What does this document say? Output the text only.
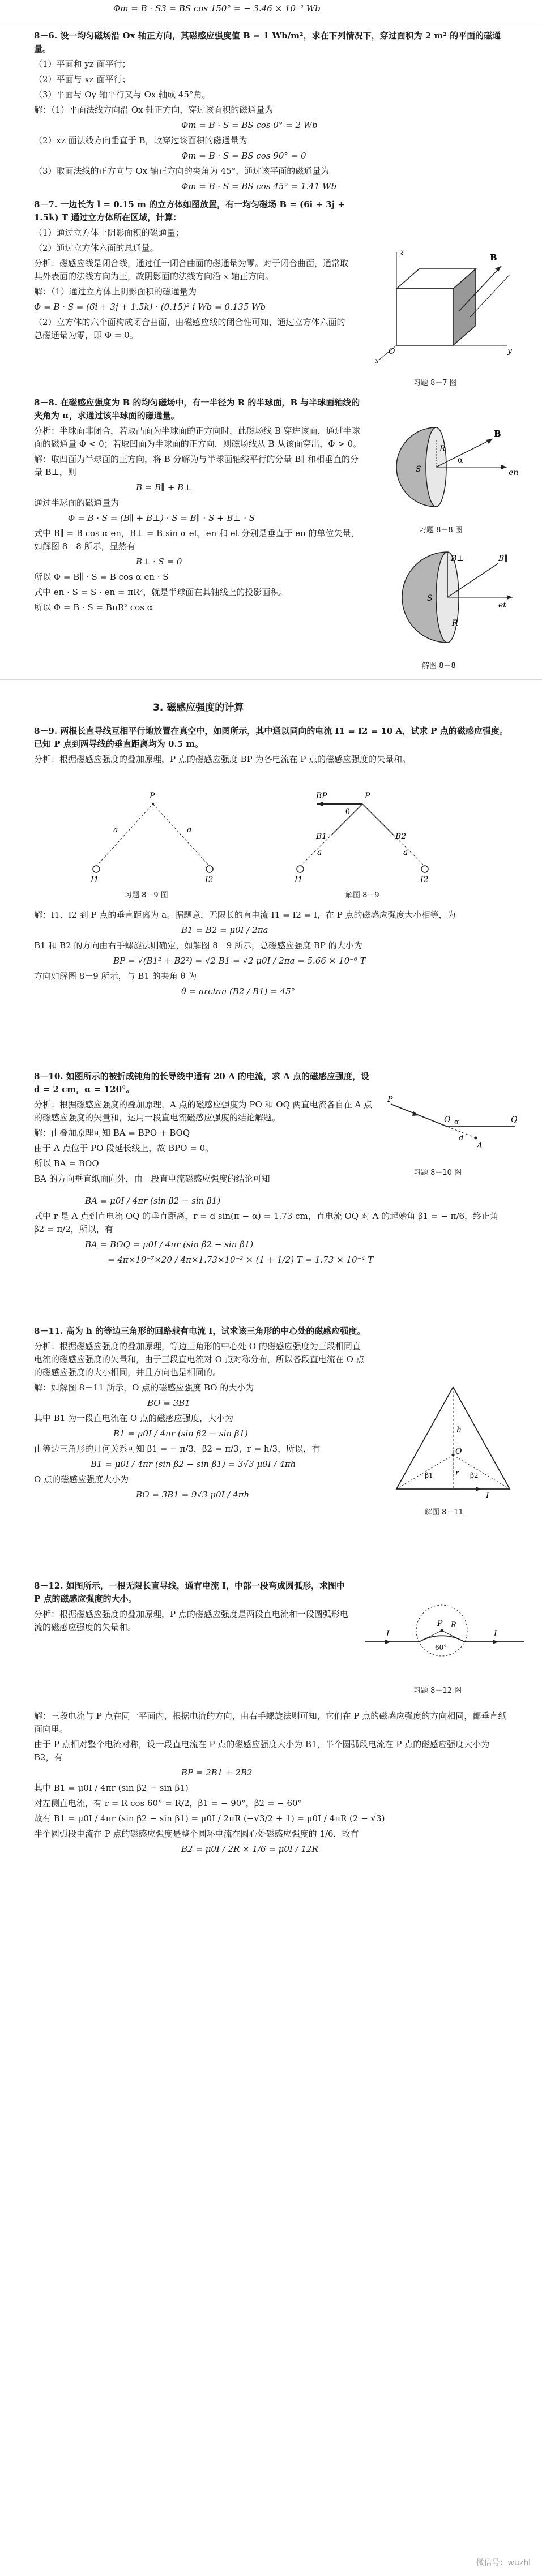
Φm = B · S3 = BS cos 150° = − 3.46 × 10⁻² Wb

8－6. 设一均匀磁场沿 Ox 轴正方向，其磁感应强度值 B = 1 Wb/m²，求在下列情况下，穿过面积为 2 m² 的平面的磁通量。

（1）平面和 yz 面平行；

（2）平面与 xz 面平行；

（3）平面与 Oy 轴平行又与 Ox 轴成 45°角。

解：（1）平面法线方向沿 Ox 轴正方向，穿过该面积的磁通量为

Φm = B · S = BS cos 0° = 2 Wb

（2）xz 面法线方向垂直于 B，故穿过该面积的磁通量为

Φm = B · S = BS cos 90° = 0

（3）取面法线的正方向与 Ox 轴正方向的夹角为 45°，通过该平面的磁通量为

Φm = B · S = BS cos 45° = 1.41 Wb

8－7. 一边长为 l = 0.15 m 的立方体如图放置，有一均匀磁场 B = (6i + 3j + 1.5k) T 通过立方体所在区域，计算：

（1）通过立方体上阴影面积的磁通量；

（2）通过立方体六面的总通量。

分析：磁感应线是闭合线，通过任一闭合曲面的磁通量为零。对于闭合曲面，通常取其外表面的法线方向为正，故阴影面的法线方向沿 x 轴正方向。

解：（1）通过立方体上阴影面积的磁通量为

Φ = B · S = (6i + 3j + 1.5k) · (0.15)² i Wb = 0.135 Wb

（2）立方体的六个面构成闭合曲面，由磁感应线的闭合性可知，通过立方体六面的总磁通量为零，即 Φ = 0。

B
x
y
z
O
习题 8－7 图

8－8. 在磁感应强度为 B 的均匀磁场中，有一半径为 R 的半球面，B 与半球面轴线的夹角为 α，求通过该半球面的磁通量。

分析：半球面非闭合，若取凸面为半球面的正方向时，此磁场线 B 穿进该面，通过半球面的磁通量 Φ < 0；若取凹面为半球面的正方向，则磁场线从 B 从该面穿出，Φ > 0。

解：取凹面为半球面的正方向，将 B 分解为与半球面轴线平行的分量 B∥ 和相垂直的分量 B⊥，则

B = B∥ + B⊥

通过半球面的磁通量为

Φ = B · S = (B∥ + B⊥) · S = B∥ · S + B⊥ · S

式中 B∥ = B cos α en，B⊥ = B sin α et，en 和 et 分别是垂直于 en 的单位矢量，如解图 8－8 所示，显然有

B⊥ · S = 0

所以 Φ = B∥ · S = B cos α en · S

式中 en · S = S · en = πR²，就是半球面在其轴线上的投影面积。

所以 Φ = B · S = BπR² cos α

B
S
R
α
en
习题 8－8 图
B∥
B⊥
et
S
R
解图 8－8
3. 磁感应强度的计算

8－9. 两根长直导线互相平行地放置在真空中，如图所示，其中通以同向的电流 I1 = I2 = 10 A，试求 P 点的磁感应强度。已知 P 点到两导线的垂直距离均为 0.5 m。

分析：根据磁感应强度的叠加原理，P 点的磁感应强度 BP 为各电流在 P 点的磁感应强度的矢量和。

P
a	a
I1	I2
P
B1	B2
BP
θ
a	a
I1	I2
习题 8－9 图	解图 8－9

解：I1、I2 到 P 点的垂直距离为 a。据题意，无限长的直电流 I1 = I2 = I，在 P 点的磁感应强度大小相等，为

B1 = B2 = μ0I / 2πa

B1 和 B2 的方向由右手螺旋法则确定，如解图 8－9 所示，总磁感应强度 BP 的大小为

BP = √(B1² + B2²) = √2 B1 = √2 μ0I / 2πa = 5.66 × 10⁻⁶ T

方向如解图 8－9 所示，与 B1 的夹角 θ 为

θ = arctan (B2 / B1) = 45°

8－10. 如图所示的被折成钝角的长导线中通有 20 A 的电流，求 A 点的磁感应强度，设 d = 2 cm，α = 120°。

分析：根据磁感应强度的叠加原理，A 点的磁感应强度为 PO 和 OQ 两直电流各自在 A 点的磁感应强度的矢量和，运用一段直电流磁感应强度的结论解题。

解：由叠加原理可知 BA = BPO + BOQ

由于 A 点位于 PO 段延长线上，故 BPO = 0。

所以 BA = BOQ

BA 的方向垂直纸面向外，由一段直电流磁感应强度的结论可知

P
O	Q
A
d
α
习题 8－10 图

BA = μ0I / 4πr (sin β2 − sin β1)

式中 r 是 A 点到直电流 OQ 的垂直距离，r = d sin(π − α) = 1.73 cm，直电流 OQ 对 A 的起始角 β1 = − π/6，终止角 β2 = π/2，所以，有

BA = BOQ = μ0I / 4πr (sin β2 − sin β1)

= 4π×10⁻⁷×20 / 4π×1.73×10⁻² × (1 + 1/2) T = 1.73 × 10⁻⁴ T

8－11. 高为 h 的等边三角形的回路载有电流 I，试求该三角形的中心处的磁感应强度。

分析：根据磁感应强度的叠加原理，等边三角形的中心处 O 的磁感应强度为三段相同直电流的磁感应强度的矢量和，由于三段直电流对 O 点对称分布，所以各段直电流在 O 点的磁感应强度的大小相同，并且方向也是相同的。

解：如解图 8－11 所示，O 点的磁感应强度 BO 的大小为

BO = 3B1

其中 B1 为一段直电流在 O 点的磁感应强度，大小为

B1 = μ0I / 4πr (sin β2 − sin β1)

由等边三角形的几何关系可知 β1 = − π/3，β2 = π/3，r = h/3，所以，有

B1 = μ0I / 4πr (sin β2 − sin β1) = 3√3 μ0I / 4πh

O 点的磁感应强度大小为

BO = 3B1 = 9√3 μ0I / 4πh

h
O
β1	β2
I
r
解图 8－11

8－12. 如图所示，一根无限长直导线，通有电流 I，中部一段弯成圆弧形，求图中 P 点的磁感应强度的大小。

分析：根据磁感应强度的叠加原理，P 点的磁感应强度是两段直电流和一段圆弧形电流的磁感应强度的矢量和。

I	I
R
P
60°
习题 8－12 图

解：三段电流与 P 点在同一平面内，根据电流的方向，由右手螺旋法则可知，它们在 P 点的磁感应强度的方向相同，都垂直纸面向里。

由于 P 点相对整个电流对称，设一段直电流在 P 点的磁感应强度大小为 B1，半个圆弧段电流在 P 点的磁感应强度大小为 B2，有

BP = 2B1 + 2B2

其中 B1 = μ0I / 4πr (sin β2 − sin β1)

对左侧直电流，有 r = R cos 60° = R/2，β1 = − 90°，β2 = − 60°

故有 B1 = μ0I / 4πr (sin β2 − sin β1) = μ0I / 2πR (−√3/2 + 1) = μ0I / 4πR (2 − √3)

半个圆弧段电流在 P 点的磁感应强度是整个圆环电流在圆心处磁感应强度的 1/6，故有

B2 = μ0I / 2R × 1/6 = μ0I / 12R

微信号：wuzhl
